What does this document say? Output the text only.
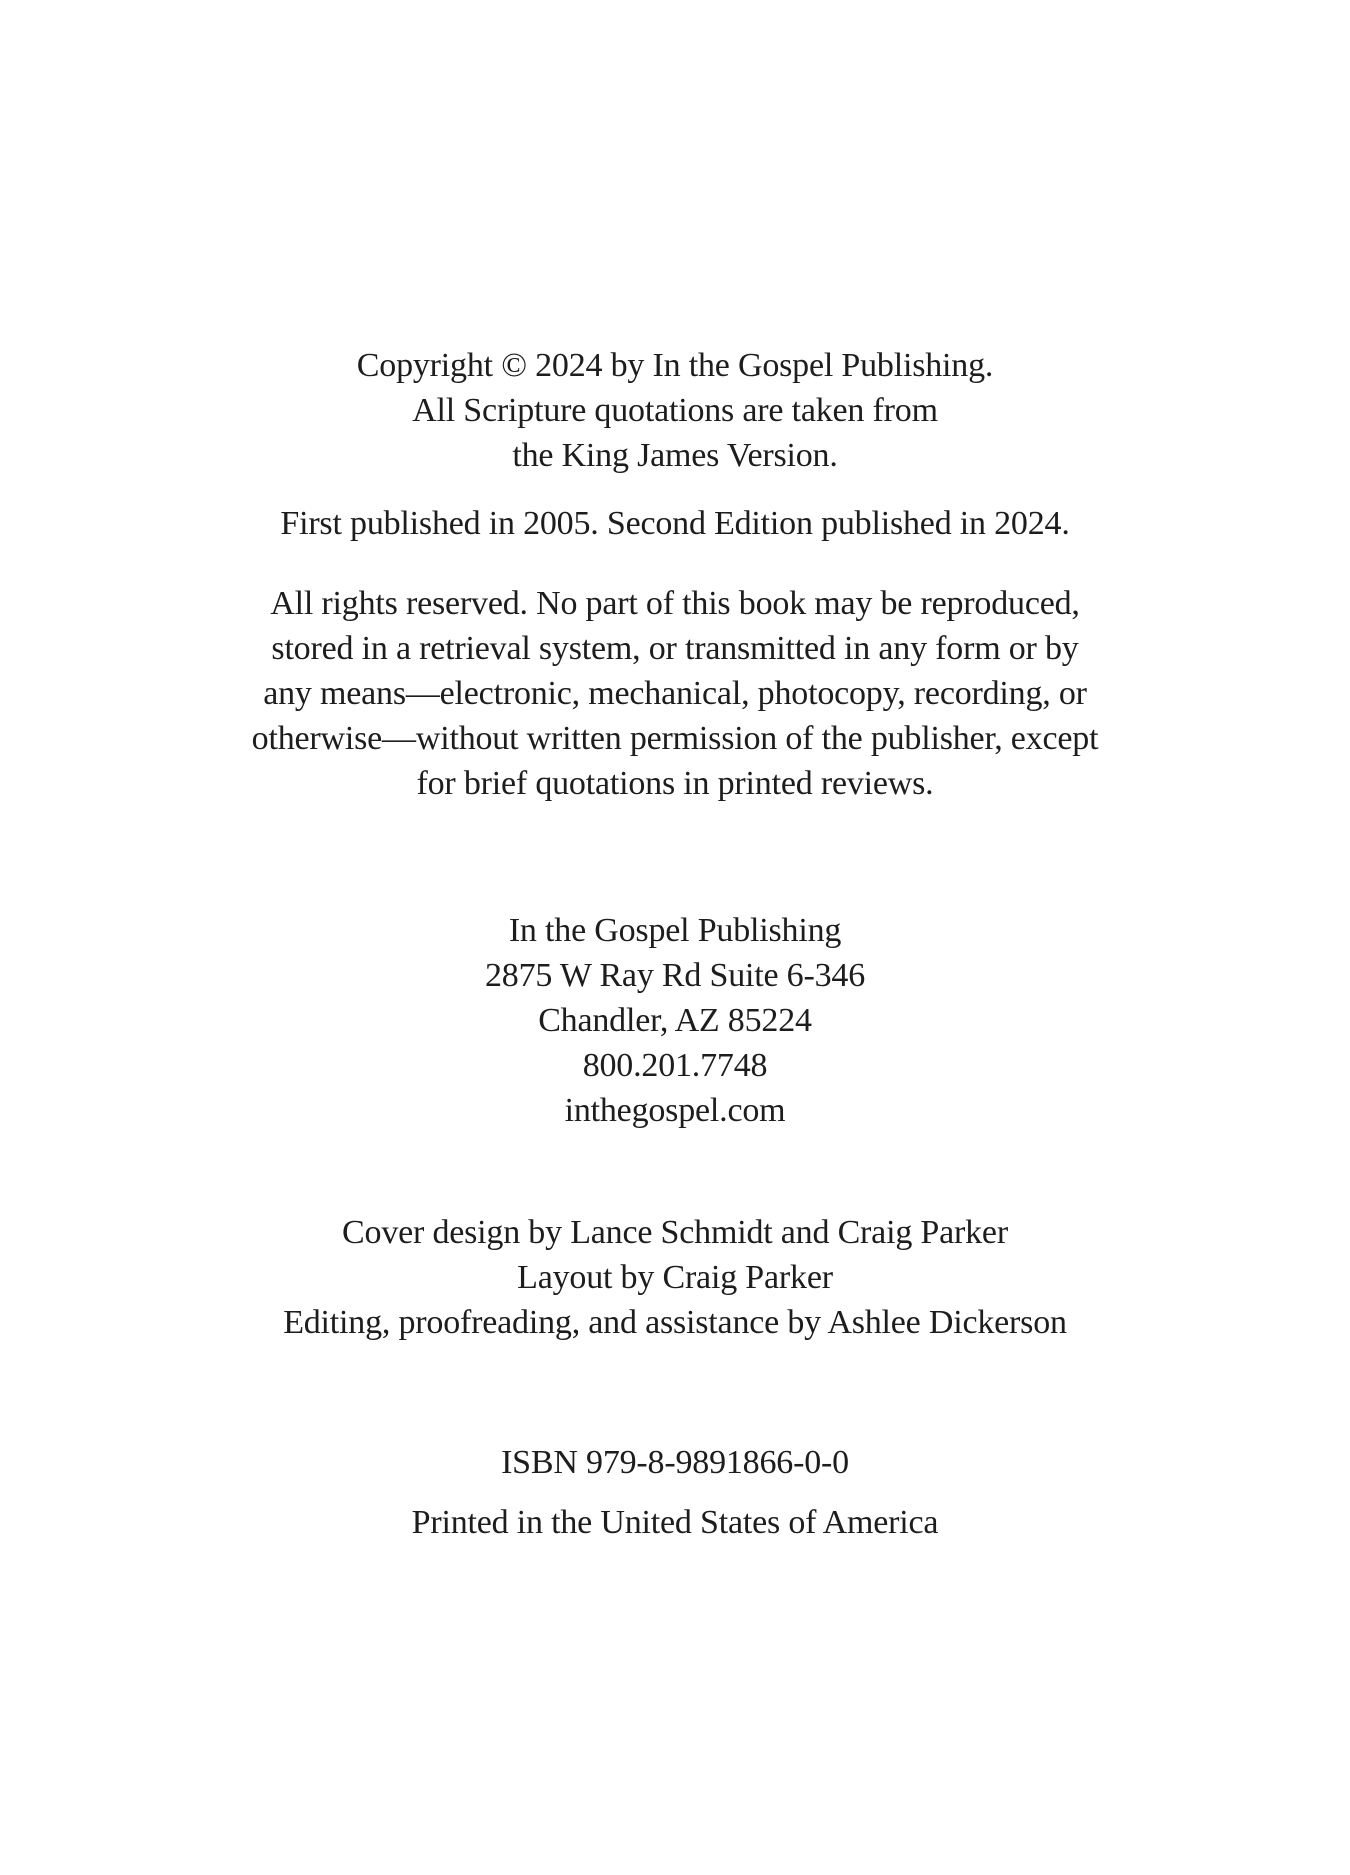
Copyright © 2024 by In the Gospel Publishing.
All Scripture quotations are taken from
the King James Version.

First published in 2005. Second Edition published in 2024.

All rights reserved. No part of this book may be reproduced,
stored in a retrieval system, or transmitted in any form or by
any means—electronic, mechanical, photocopy, recording, or
otherwise—without written permission of the publisher, except
for brief quotations in printed reviews.

In the Gospel Publishing
2875 W Ray Rd Suite 6-346
Chandler, AZ 85224
800.201.7748
inthegospel.com

Cover design by Lance Schmidt and Craig Parker
Layout by Craig Parker
Editing, proofreading, and assistance by Ashlee Dickerson

ISBN 979-8-9891866-0-0

Printed in the United States of America
